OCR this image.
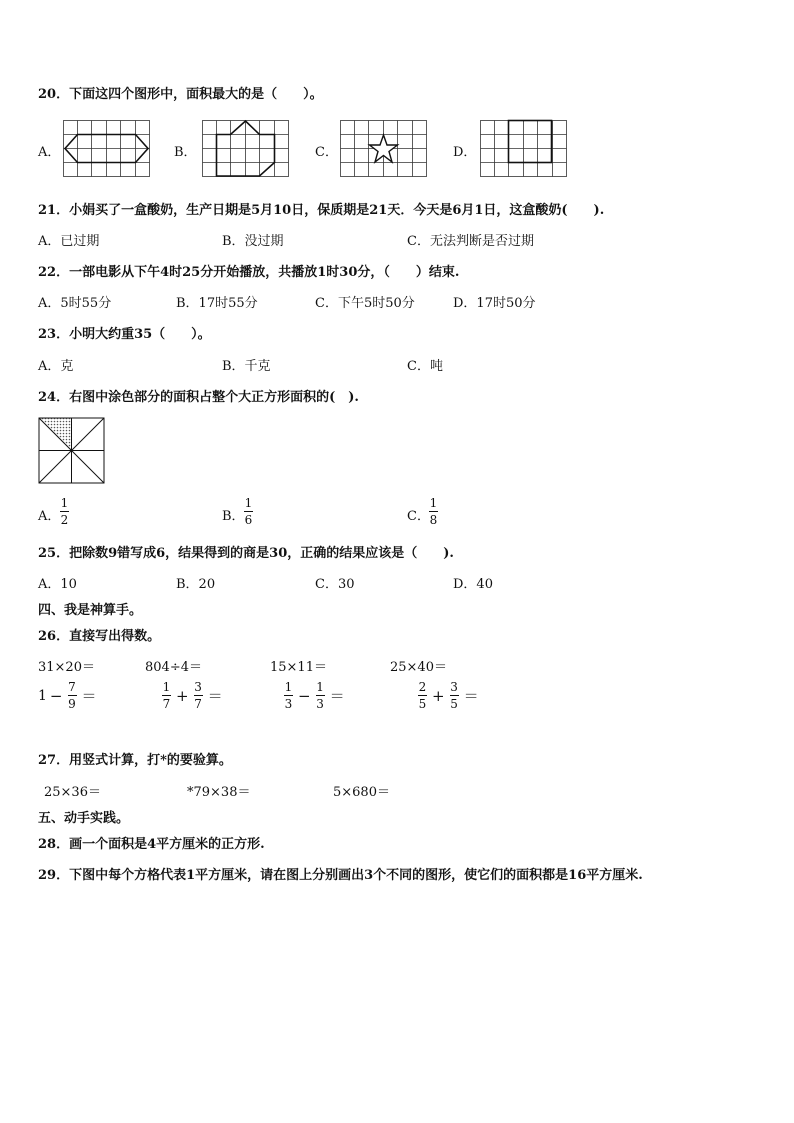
20．下面这四个图形中，面积最大的是（　　）。
A．	B．	C．	D．
21．小娟买了一盒酸奶，生产日期是5月10日，保质期是21天．今天是6月1日，这盒酸奶(　　).
A．已过期	B．没过期	C．无法判断是否过期
22．一部电影从下午4时25分开始播放，共播放1时30分，（　　）结束.
A．5时55分	B．17时55分	C．下午5时50分	D．17时50分
23．小明大约重35（　　）。
A．克	B．千克	C．吨
24．右图中涂色部分的面积占整个大正方形面积的(　).
A．
1
2	B．
1
6	C．
1
8
25．把除数9错写成6，结果得到的商是30，正确的结果应该是（　　).
A．10	B．20	C．30	D．40
四、我是神算手。
26．直接写出得数。
31×20＝	804÷4＝	15×11＝	25×40＝
$1 - \frac{7}{9}$ ＝	$\frac{1}{7} + \frac{3}{7}$ ＝	$\frac{1}{3} - \frac{1}{3}$ ＝	$\frac{2}{5} + \frac{3}{5}$ ＝
27．用竖式计算，打*的要验算。
25×36＝	*79×38＝	5×680＝
五、动手实践。
28．画一个面积是4平方厘米的正方形.
29．下图中每个方格代表1平方厘米，请在图上分别画出3个不同的图形，使它们的面积都是16平方厘米.
